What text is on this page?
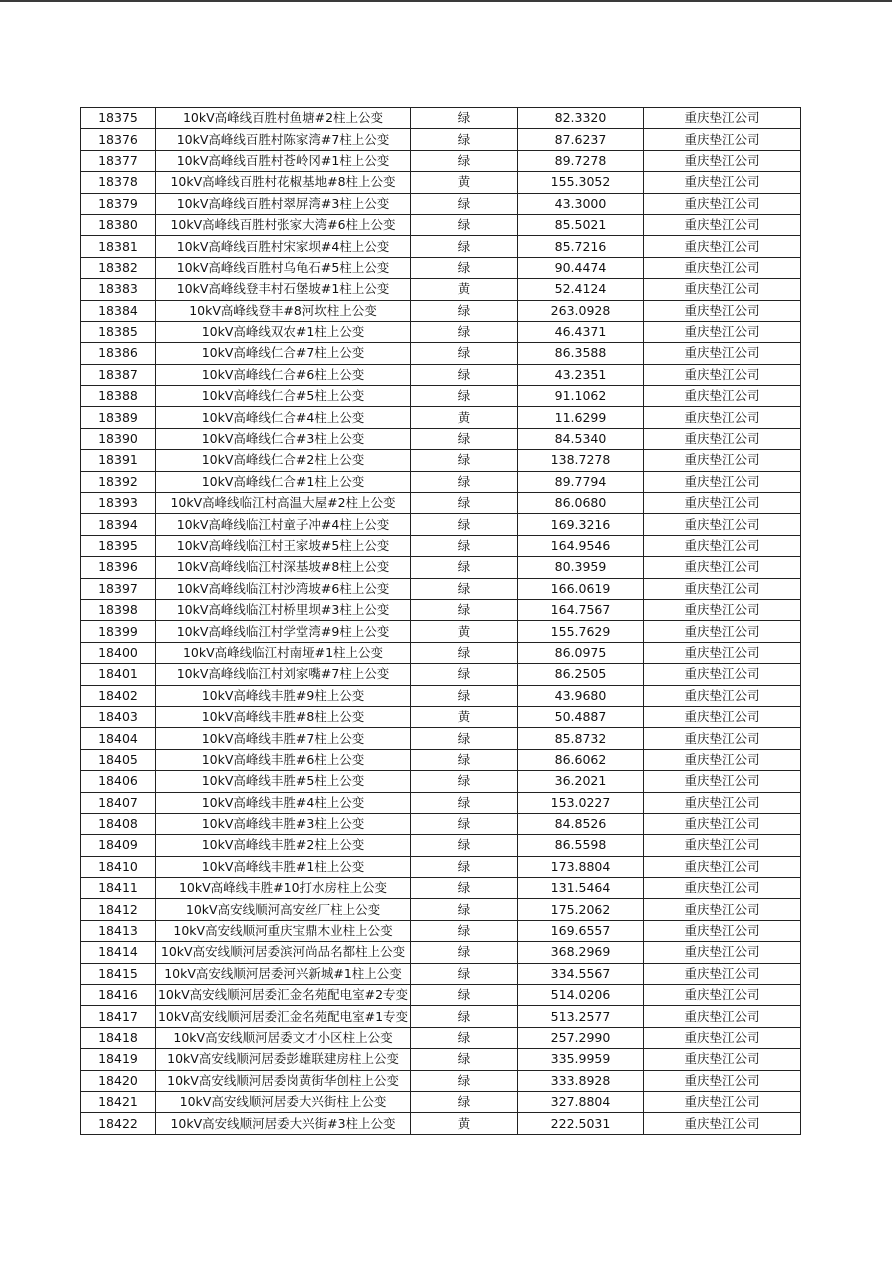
18375	10kV高峰线百胜村鱼塘#2柱上公变	绿	82.3320	重庆垫江公司
18376	10kV高峰线百胜村陈家湾#7柱上公变	绿	87.6237	重庆垫江公司
18377	10kV高峰线百胜村苍岭冈#1柱上公变	绿	89.7278	重庆垫江公司
18378	10kV高峰线百胜村花椒基地#8柱上公变	黄	155.3052	重庆垫江公司
18379	10kV高峰线百胜村翠屏湾#3柱上公变	绿	43.3000	重庆垫江公司
18380	10kV高峰线百胜村张家大湾#6柱上公变	绿	85.5021	重庆垫江公司
18381	10kV高峰线百胜村宋家坝#4柱上公变	绿	85.7216	重庆垫江公司
18382	10kV高峰线百胜村乌龟石#5柱上公变	绿	90.4474	重庆垫江公司
18383	10kV高峰线登丰村石堡坡#1柱上公变	黄	52.4124	重庆垫江公司
18384	10kV高峰线登丰#8河坎柱上公变	绿	263.0928	重庆垫江公司
18385	10kV高峰线双农#1柱上公变	绿	46.4371	重庆垫江公司
18386	10kV高峰线仁合#7柱上公变	绿	86.3588	重庆垫江公司
18387	10kV高峰线仁合#6柱上公变	绿	43.2351	重庆垫江公司
18388	10kV高峰线仁合#5柱上公变	绿	91.1062	重庆垫江公司
18389	10kV高峰线仁合#4柱上公变	黄	11.6299	重庆垫江公司
18390	10kV高峰线仁合#3柱上公变	绿	84.5340	重庆垫江公司
18391	10kV高峰线仁合#2柱上公变	绿	138.7278	重庆垫江公司
18392	10kV高峰线仁合#1柱上公变	绿	89.7794	重庆垫江公司
18393	10kV高峰线临江村高温大屋#2柱上公变	绿	86.0680	重庆垫江公司
18394	10kV高峰线临江村童子冲#4柱上公变	绿	169.3216	重庆垫江公司
18395	10kV高峰线临江村王家坡#5柱上公变	绿	164.9546	重庆垫江公司
18396	10kV高峰线临江村深基坡#8柱上公变	绿	80.3959	重庆垫江公司
18397	10kV高峰线临江村沙湾坡#6柱上公变	绿	166.0619	重庆垫江公司
18398	10kV高峰线临江村桥里坝#3柱上公变	绿	164.7567	重庆垫江公司
18399	10kV高峰线临江村学堂湾#9柱上公变	黄	155.7629	重庆垫江公司
18400	10kV高峰线临江村南垭#1柱上公变	绿	86.0975	重庆垫江公司
18401	10kV高峰线临江村刘家嘴#7柱上公变	绿	86.2505	重庆垫江公司
18402	10kV高峰线丰胜#9柱上公变	绿	43.9680	重庆垫江公司
18403	10kV高峰线丰胜#8柱上公变	黄	50.4887	重庆垫江公司
18404	10kV高峰线丰胜#7柱上公变	绿	85.8732	重庆垫江公司
18405	10kV高峰线丰胜#6柱上公变	绿	86.6062	重庆垫江公司
18406	10kV高峰线丰胜#5柱上公变	绿	36.2021	重庆垫江公司
18407	10kV高峰线丰胜#4柱上公变	绿	153.0227	重庆垫江公司
18408	10kV高峰线丰胜#3柱上公变	绿	84.8526	重庆垫江公司
18409	10kV高峰线丰胜#2柱上公变	绿	86.5598	重庆垫江公司
18410	10kV高峰线丰胜#1柱上公变	绿	173.8804	重庆垫江公司
18411	10kV高峰线丰胜#10打水房柱上公变	绿	131.5464	重庆垫江公司
18412	10kV高安线顺河高安丝厂柱上公变	绿	175.2062	重庆垫江公司
18413	10kV高安线顺河重庆宝鼎木业柱上公变	绿	169.6557	重庆垫江公司
18414	10kV高安线顺河居委滨河尚品名都柱上公变	绿	368.2969	重庆垫江公司
18415	10kV高安线顺河居委河兴新城#1柱上公变	绿	334.5567	重庆垫江公司
18416	10kV高安线顺河居委汇金名苑配电室#2专变	绿	514.0206	重庆垫江公司
18417	10kV高安线顺河居委汇金名苑配电室#1专变	绿	513.2577	重庆垫江公司
18418	10kV高安线顺河居委文才小区柱上公变	绿	257.2990	重庆垫江公司
18419	10kV高安线顺河居委彭雄联建房柱上公变	绿	335.9959	重庆垫江公司
18420	10kV高安线顺河居委岗黄街华创柱上公变	绿	333.8928	重庆垫江公司
18421	10kV高安线顺河居委大兴街柱上公变	绿	327.8804	重庆垫江公司
18422	10kV高安线顺河居委大兴街#3柱上公变	黄	222.5031	重庆垫江公司
